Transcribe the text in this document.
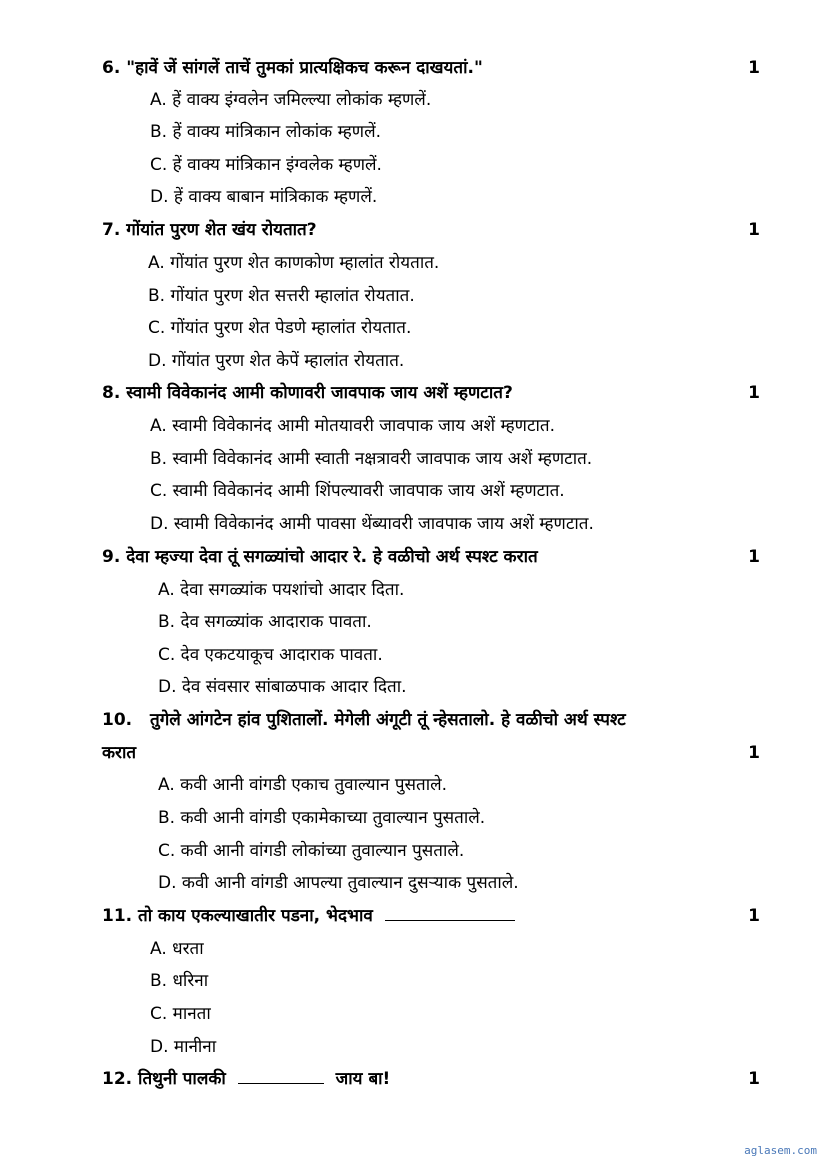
6. "हावें जें सांगलें ताचें तुमकां प्रात्यक्षिकच करून दाखयतां."	1
A. हें वाक्य इंग्वलेन जमिल्ल्या लोकांक म्हणलें.
B. हें वाक्य मांत्रिकान लोकांक म्हणलें.
C. हें वाक्य मांत्रिकान इंग्वलेक म्हणलें.
D. हें वाक्य बाबान मांत्रिकाक म्हणलें.
7. गोंयांत पुरण शेत खंय रोयतात?	1
A. गोंयांत पुरण शेत काणकोण म्हालांत रोयतात.
B. गोंयांत पुरण शेत सत्तरी म्हालांत रोयतात.
C. गोंयांत पुरण शेत पेडणे म्हालांत रोयतात.
D. गोंयांत पुरण शेत केपें म्हालांत रोयतात.
8. स्वामी विवेकानंद आमी कोणावरी जावपाक जाय अशें म्हणटात?	1
A. स्वामी विवेकानंद आमी मोतयावरी जावपाक जाय अशें म्हणटात.
B. स्वामी विवेकानंद आमी स्वाती नक्षत्रावरी जावपाक जाय अशें म्हणटात.
C. स्वामी विवेकानंद आमी शिंपल्यावरी जावपाक जाय अशें म्हणटात.
D. स्वामी विवेकानंद आमी पावसा थेंब्यावरी जावपाक जाय अशें म्हणटात.
9. देवा म्हज्या देवा तूं सगळ्यांचो आदार रे. हे वळीचो अर्थ स्पश्ट करात	1
A. देवा सगळ्यांक पयशांचो आदार दिता.
B. देव सगळ्यांक आदाराक पावता.
C. देव एकटयाकूच आदाराक पावता.
D. देव संवसार सांबाळपाक आदार दिता.
10. तुगेले आंगटेन हांव पुशितालों. मेगेली अंगूटी तूं न्हेसतालो. हे वळीचो अर्थ स्पश्ट
करात	1
A. कवी आनी वांगडी एकाच तुवाल्यान पुसताले.
B. कवी आनी वांगडी एकामेकाच्या तुवाल्यान पुसताले.
C. कवी आनी वांगडी लोकांच्या तुवाल्यान पुसताले.
D. कवी आनी वांगडी आपल्या तुवाल्यान दुसऱ्याक पुसताले.
11. तो काय एकल्याखातीर पडना, भेदभाव	1
A. धरता
B. धरिना
C. मानता
D. मानीना
12. तिथुनी पालकी	जाय बा!	1
aglasem.com
